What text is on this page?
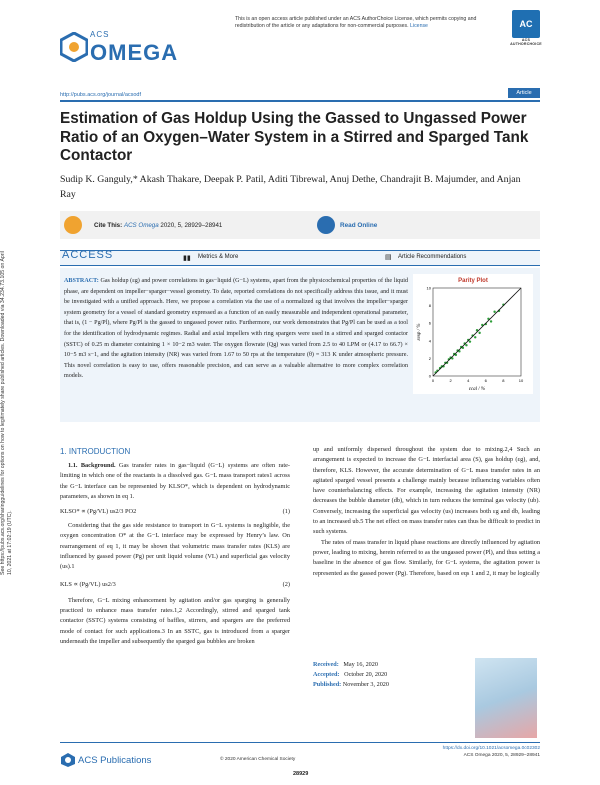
See https://pubs.acs.org/sharingguidelines for options on how to legitimately share published articles. Downloaded via 34.234.73.105 on April 10, 2021 at 17:02:19 (UTC).
This is an open access article published under an ACS AuthorChoice License, which permits copying and redistribution of the article or any adaptations for non-commercial purposes. License	AC
ACS AUTHORCHOICE
ACS
OMEGA
http://pubs.acs.org/journal/acsodf	Article
Estimation of Gas Holdup Using the Gassed to Ungassed Power Ratio of an Oxygen–Water System in a Stirred and Sparged Tank Contactor
Sudip K. Ganguly,* Akash Thakare, Deepak P. Patil, Aditi Tibrewal, Anuj Dethe, Chandrajit B. Majumder, and Anjan Ray
Cite This: ACS Omega 2020, 5, 28929–28941	Read Online
ACCESS	▮▮ Metrics & More	▤ Article Recommendations
ABSTRACT: Gas holdup (εg) and power correlations in gas−liquid (G−L) systems, apart from the physicochemical properties of the liquid phase, are dependent on impeller−sparger−vessel geometry. To date, reported correlations do not specifically address this issue, and it must be investigated with a unified approach. Here, we propose a correlation via the use of a normalized εg that involves the impeller−sparger system geometry for a vessel of standard geometry expressed as a function of an easily measurable and independent operational parameter, that is, (1 − Pg/Pl), where Pg/Pl is the gassed to ungassed power ratio. Furthermore, our work demonstrates that Pg/Pl can be used as a tool for the identification of hydrodynamic regimes. Radial and axial impellers with ring spargers were used in a stirred and sparged contactor (SSTC) of 0.25 m diameter containing 1 × 10−2 m3 water. The oxygen flowrate (Qg) was varied from 2.5 to 40 LPM or (4.17 to 66.7) × 10−5 m3 s−1, and the agitation intensity (NR) was varied from 1.67 to 50 rps at the temperature (θ) = 313 K under atmospheric pressure. This novel correlation is easy to use, offers reasonable precision, and can serve as a valuable alternative to more complex correlation models.
Parity Plot
0
0
2
2
4
4
6
6
8
8
10
10
εcal / %
εexp / %
1. INTRODUCTION
1.1. Background. Gas transfer rates in gas−liquid (G−L) systems are often rate-limiting in which one of the reactants is a dissolved gas. G−L mass transport rates1 across the G−L interface can be represented by KLSO*, which is dependent on hydrodynamic parameters, as shown in eq 1.
KLSO* ∝ (Pg/VL) us2/3 PO2	(1)
Considering that the gas side resistance to transport in G−L systems is negligible, the oxygen concentration O* at the G−L interface may be expressed by Henry’s law. On rearrangement of eq 1, it may be shown that volumetric mass transfer rates (KLS) are influenced by gassed power (Pg) per unit liquid volume (VL) and superficial gas velocity (us).1
KLS ∝ (Pg/VL) us2/3	(2)
Therefore, G−L mixing enhancement by agitation and/or gas sparging is generally practiced to enhance mass transfer rates.1,2 Accordingly, stirred and sparged tank contactor (SSTC) systems consisting of baffles, stirrers, and spargers are the preferred mode of contact for such applications.3 In an SSTC, gas is introduced from a sparger underneath the impeller and subsequently the sparged gas bubbles are broken
up and uniformly dispersed throughout the system due to mixing.2,4 Such an arrangement is expected to increase the G−L interfacial area (S), gas holdup (εg), and, therefore, KLS. However, the accurate determination of G−L mass transfer rates in an agitated sparged vessel presents a challenge mainly because influencing variables often have counterbalancing effects. For example, increasing the agitation intensity (NR) decreases the bubble diameter (db), which in turn reduces the terminal gas velocity (ub). Conversely, increasing the superficial gas velocity (us) increases both εg and db, leading to an increased ub.5 The net effect on mass transfer rates can thus be difficult to predict in such systems.
The rates of mass transfer in liquid phase reactions are directly influenced by agitation power, leading to mixing, herein referred to as the ungassed power (Pl), and thus setting a baseline in the absence of gas flow. Similarly, for G−L systems, the agitation power is represented as the gassed power (Pg). Therefore, based on eqs 1 and 2, it may be logically
Received: May 16, 2020
Accepted: October 20, 2020
Published: November 3, 2020
ACS Publications	© 2020 American Chemical Society
28929
https://dx.doi.org/10.1021/acsomega.0c02302
ACS Omega 2020, 5, 28929−28941
